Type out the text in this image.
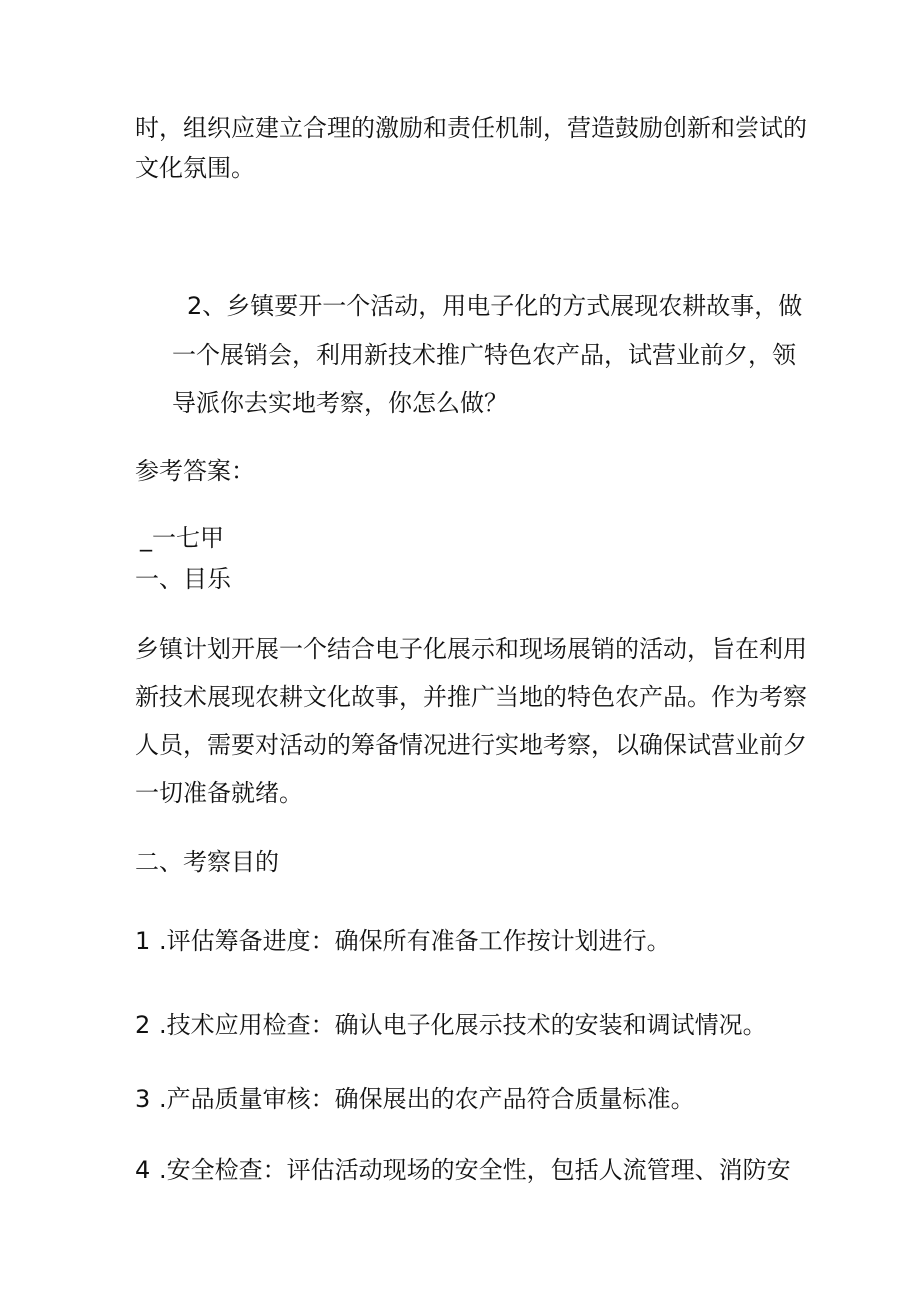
时，组织应建立合理的激励和责任机制，营造鼓励创新和尝试的
文化氛围。
2、乡镇要开一个活动，用电子化的方式展现农耕故事，做
一个展销会，利用新技术推广特色农产品，试营业前夕，领
导派你去实地考察，你怎么做？
参考答案：
_一七甲
一、目乐
乡镇计划开展一个结合电子化展示和现场展销的活动，旨在利用
新技术展现农耕文化故事，并推广当地的特色农产品。作为考察
人员，需要对活动的筹备情况进行实地考察，以确保试营业前夕
一切准备就绪。
二、考察目的
1 .评估筹备进度：确保所有准备工作按计划进行。
2 .技术应用检查：确认电子化展示技术的安装和调试情况。
3 .产品质量审核：确保展出的农产品符合质量标准。
4 .安全检查：评估活动现场的安全性，包括人流管理、消防安
